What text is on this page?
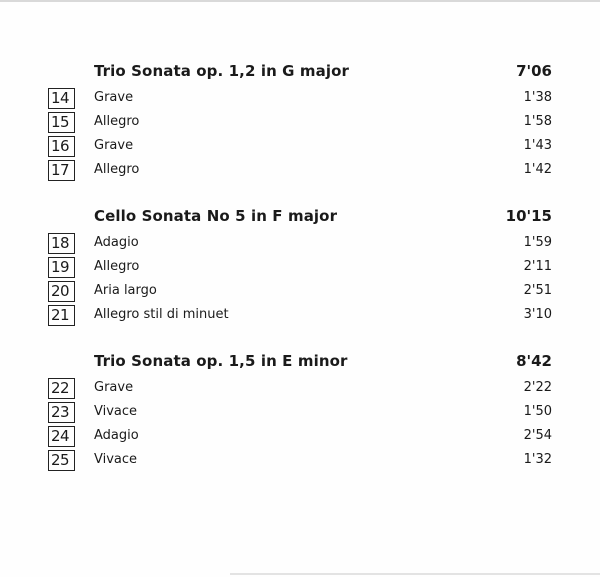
Trio Sonata op. 1,2 in G major	7'06
14	Grave	1'38
15	Allegro	1'58
16	Grave	1'43
17	Allegro	1'42
Cello Sonata No 5 in F major	10'15
18	Adagio	1'59
19	Allegro	2'11
20	Aria largo	2'51
21	Allegro stil di minuet	3'10
Trio Sonata op. 1,5 in E minor	8'42
22	Grave	2'22
23	Vivace	1'50
24	Adagio	2'54
25	Vivace	1'32
